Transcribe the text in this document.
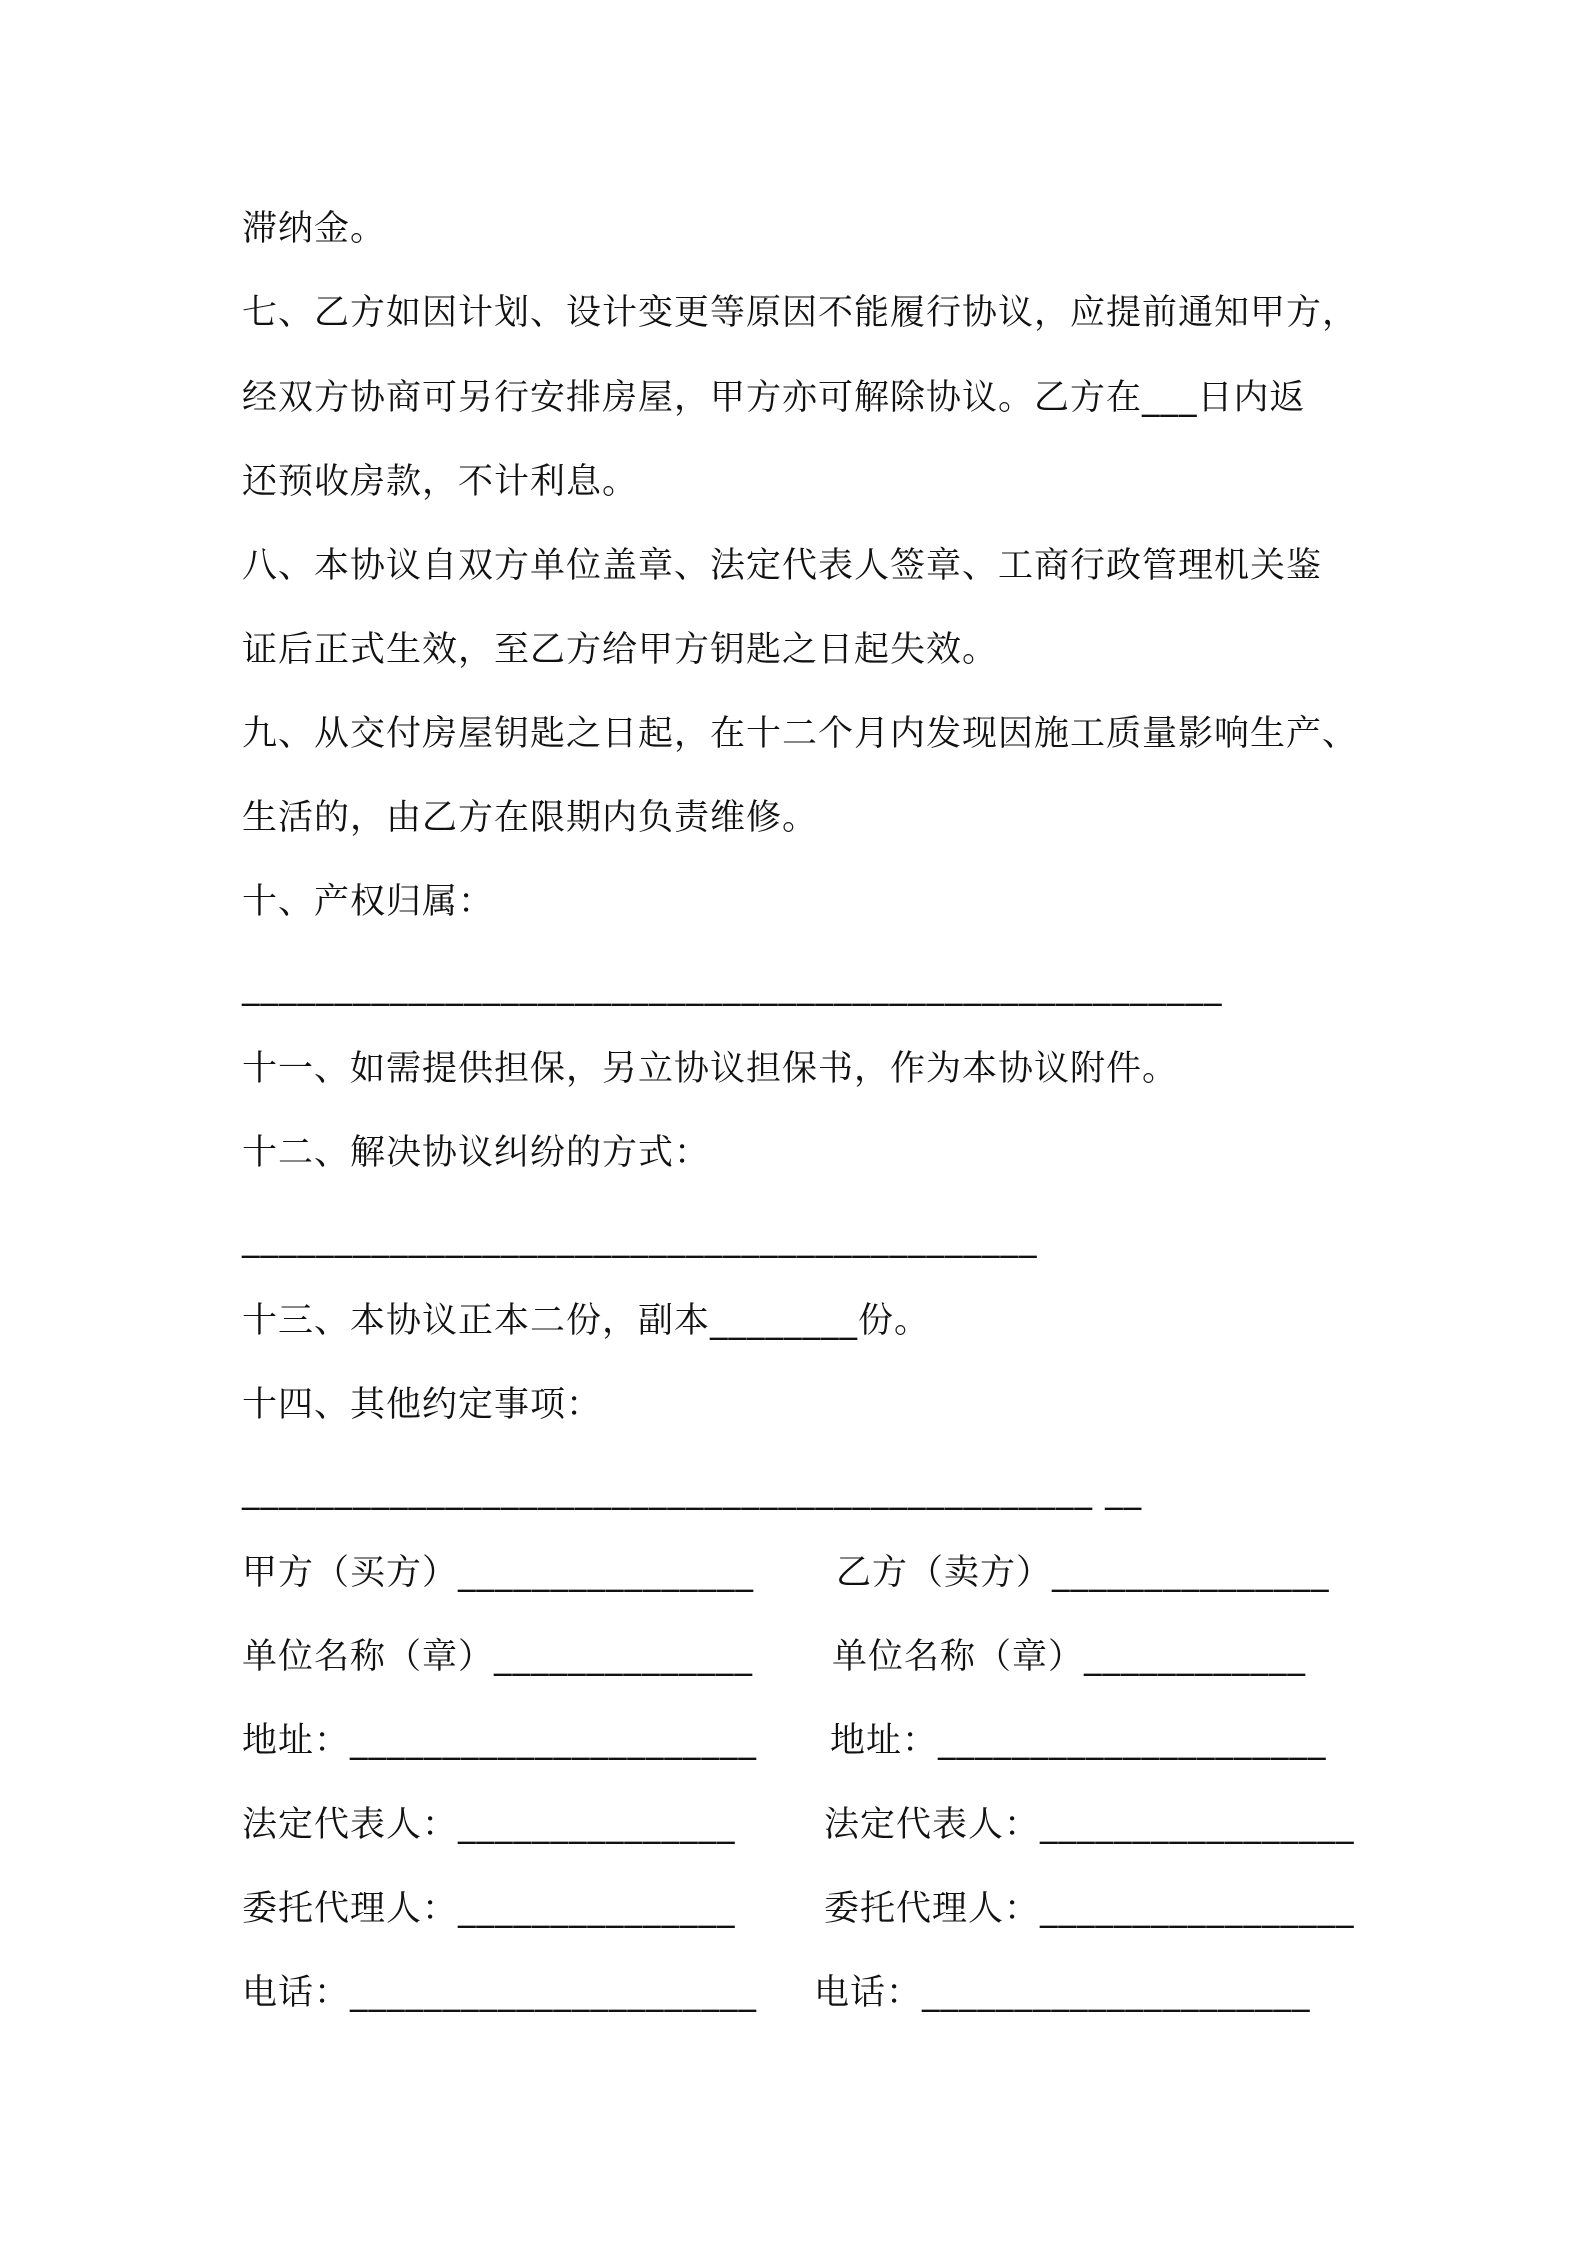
滞纳金。

七、乙方如因计划、设计变更等原因不能履行协议，应提前通知甲方，

经双方协商可另行安排房屋，甲方亦可解除协议。乙方在___日内返

还预收房款，不计利息。

八、本协议自双方单位盖章、法定代表人签章、工商行政管理机关鉴

证后正式生效，至乙方给甲方钥匙之日起失效。

九、从交付房屋钥匙之日起，在十二个月内发现因施工质量影响生产、

生活的，由乙方在限期内负责维修。

十、产权归属：

_____________________________________________________

十一、如需提供担保，另立协议担保书，作为本协议附件。

十二、解决协议纠纷的方式：

___________________________________________

十三、本协议正本二份，副本________份。

十四、其他约定事项：

______________________________________________ __

甲方（买方）________________ 乙方（卖方）_______________

单位名称（章）______________ 单位名称（章）____________

地址：______________________ 地址：_____________________

法定代表人：_______________	法定代表人：_________________

委托代理人：_______________	委托代理人：_________________

电话：______________________ 电话：_____________________
